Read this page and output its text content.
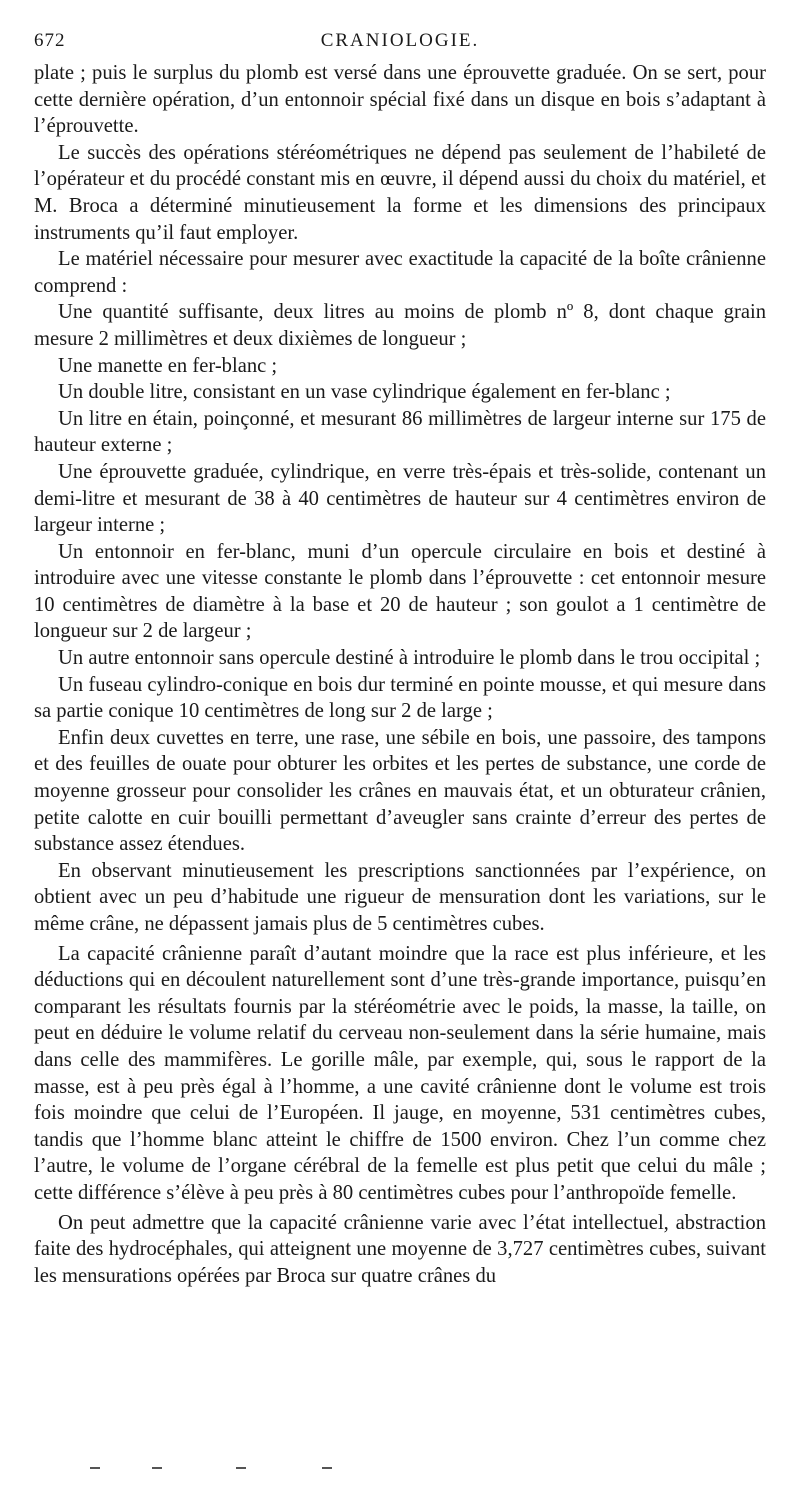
672	CRANIOLOGIE.

plate ; puis le surplus du plomb est versé dans une éprouvette graduée. On se sert, pour cette dernière opération, d’un entonnoir spécial fixé dans un disque en bois s’adaptant à l’éprouvette.

Le succès des opérations stéréométriques ne dépend pas seulement de l’habileté de l’opérateur et du procédé constant mis en œuvre, il dépend aussi du choix du matériel, et M. Broca a déterminé minutieusement la forme et les dimensions des principaux instruments qu’il faut employer.

Le matériel nécessaire pour mesurer avec exactitude la capacité de la boîte crânienne comprend :

Une quantité suffisante, deux litres au moins de plomb nº 8, dont chaque grain mesure 2 millimètres et deux dixièmes de longueur ;

Une manette en fer-blanc ;

Un double litre, consistant en un vase cylindrique également en fer-blanc ;

Un litre en étain, poinçonné, et mesurant 86 millimètres de largeur interne sur 175 de hauteur externe ;

Une éprouvette graduée, cylindrique, en verre très-épais et très-solide, contenant un demi-litre et mesurant de 38 à 40 centimètres de hauteur sur 4 centimètres environ de largeur interne ;

Un entonnoir en fer-blanc, muni d’un opercule circulaire en bois et destiné à introduire avec une vitesse constante le plomb dans l’éprouvette : cet entonnoir mesure 10 centimètres de diamètre à la base et 20 de hauteur ; son goulot a 1 centimètre de longueur sur 2 de largeur ;

Un autre entonnoir sans opercule destiné à introduire le plomb dans le trou occipital ;

Un fuseau cylindro-conique en bois dur terminé en pointe mousse, et qui mesure dans sa partie conique 10 centimètres de long sur 2 de large ;

Enfin deux cuvettes en terre, une rase, une sébile en bois, une passoire, des tampons et des feuilles de ouate pour obturer les orbites et les pertes de substance, une corde de moyenne grosseur pour consolider les crânes en mauvais état, et un obturateur crânien, petite calotte en cuir bouilli permettant d’aveugler sans crainte d’erreur des pertes de substance assez étendues.

En observant minutieusement les prescriptions sanctionnées par l’expérience, on obtient avec un peu d’habitude une rigueur de mensuration dont les variations, sur le même crâne, ne dépassent jamais plus de 5 centimètres cubes.

La capacité crânienne paraît d’autant moindre que la race est plus inférieure, et les déductions qui en découlent naturellement sont d’une très-grande importance, puisqu’en comparant les résultats fournis par la stéréométrie avec le poids, la masse, la taille, on peut en déduire le volume relatif du cerveau non-seulement dans la série humaine, mais dans celle des mammifères. Le gorille mâle, par exemple, qui, sous le rapport de la masse, est à peu près égal à l’homme, a une cavité crânienne dont le volume est trois fois moindre que celui de l’Européen. Il jauge, en moyenne, 531 centimètres cubes, tandis que l’homme blanc atteint le chiffre de 1500 environ. Chez l’un comme chez l’autre, le volume de l’organe cérébral de la femelle est plus petit que celui du mâle ; cette différence s’élève à peu près à 80 centimètres cubes pour l’anthropoïde femelle.

On peut admettre que la capacité crânienne varie avec l’état intellectuel, abstraction faite des hydrocéphales, qui atteignent une moyenne de 3,727 centimètres cubes, suivant les mensurations opérées par Broca sur quatre crânes du
